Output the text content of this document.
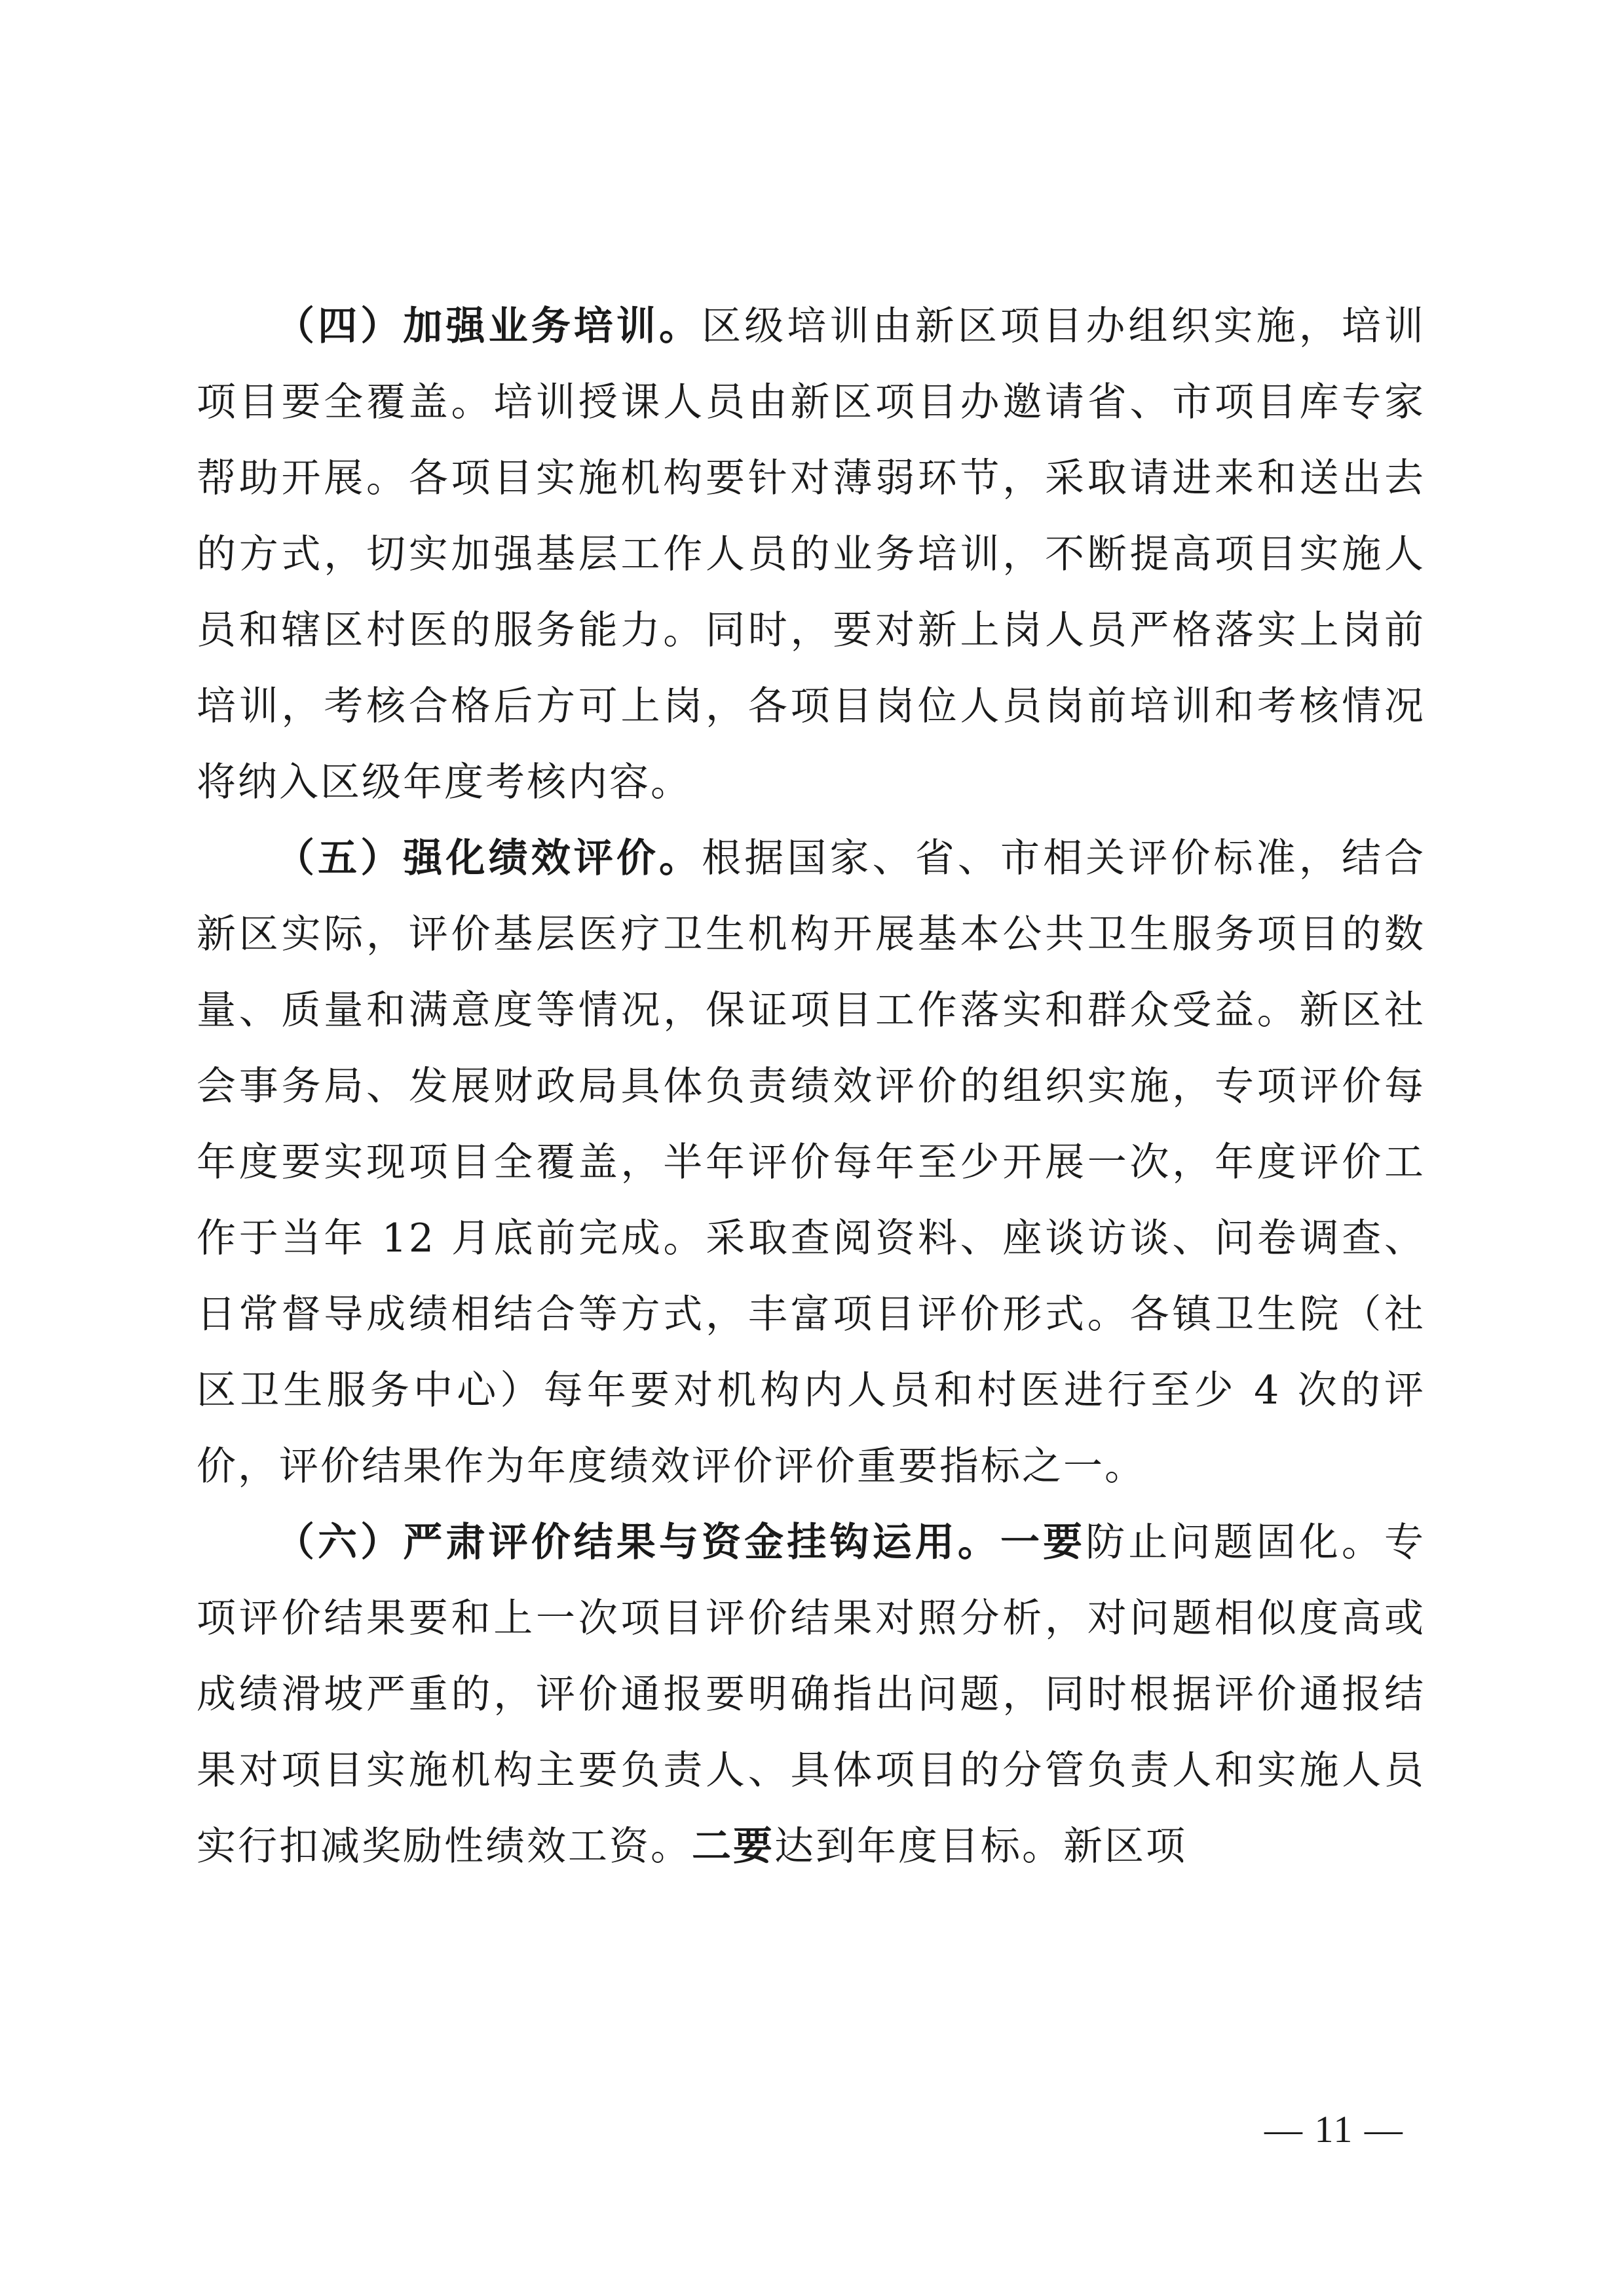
（四）加强业务培训。区级培训由新区项目办组织实施，培训项目要全覆盖。培训授课人员由新区项目办邀请省、市项目库专家帮助开展。各项目实施机构要针对薄弱环节，采取请进来和送出去的方式，切实加强基层工作人员的业务培训，不断提高项目实施人员和辖区村医的服务能力。同时，要对新上岗人员严格落实上岗前培训，考核合格后方可上岗，各项目岗位人员岗前培训和考核情况将纳入区级年度考核内容。

（五）强化绩效评价。根据国家、省、市相关评价标准，结合新区实际，评价基层医疗卫生机构开展基本公共卫生服务项目的数量、质量和满意度等情况，保证项目工作落实和群众受益。新区社会事务局、发展财政局具体负责绩效评价的组织实施，专项评价每年度要实现项目全覆盖，半年评价每年至少开展一次，年度评价工作于当年 12 月底前完成。采取查阅资料、座谈访谈、问卷调查、日常督导成绩相结合等方式，丰富项目评价形式。各镇卫生院（社区卫生服务中心）每年要对机构内人员和村医进行至少 4 次的评价，评价结果作为年度绩效评价评价重要指标之一。

（六）严肃评价结果与资金挂钩运用。一要防止问题固化。专项评价结果要和上一次项目评价结果对照分析，对问题相似度高或成绩滑坡严重的，评价通报要明确指出问题，同时根据评价通报结果对项目实施机构主要负责人、具体项目的分管负责人和实施人员实行扣减奖励性绩效工资。二要达到年度目标。新区项

— 11 —
